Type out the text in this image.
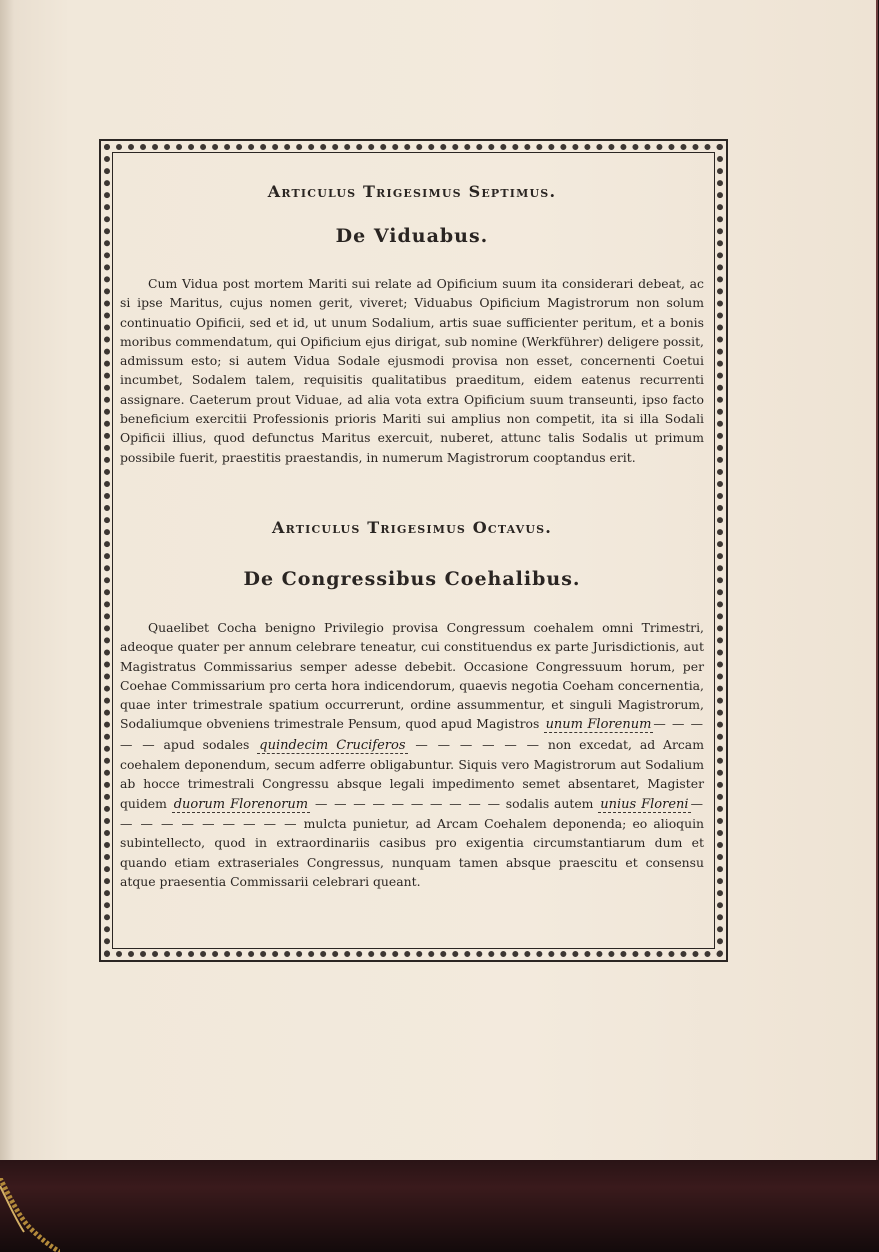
Articulus Trigesimus Septimus.
De Viduabus.

Cum Vidua post mortem Mariti sui relate ad Opificium suum ita considerari debeat, ac si ipse Maritus, cujus nomen gerit, viveret; Viduabus Opificium Magistrorum non solum continuatio Opificii, sed et id, ut unum Sodalium, artis suae sufficienter peritum, et a bonis moribus commendatum, qui Opificium ejus dirigat, sub nomine (Werkführer) deligere possit, admissum esto; si autem Vidua Sodale ejusmodi provisa non esset, concernenti Coetui incumbet, Sodalem talem, requisitis qualitatibus praeditum, eidem eatenus recurrenti assignare. Caeterum prout Viduae, ad alia vota extra Opificium suum transeunti, ipso facto beneficium exercitii Professionis prioris Mariti sui amplius non competit, ita si illa Sodali Opificii illius, quod defunctus Maritus exercuit, nuberet, attunc talis Sodalis ut primum possibile fuerit, praestitis praestandis, in numerum Magistrorum cooptandus erit.

Articulus Trigesimus Octavus.
De Congressibus Coehalibus.

Quaelibet Cocha benigno Privilegio provisa Congressum coehalem omni Trimestri, adeoque quater per annum celebrare teneatur, cui constituendus ex parte Jurisdictionis, aut Magistratus Commissarius semper adesse debebit. Occasione Congressuum horum, per Coehae Commissarium pro certa hora indicendorum, quaevis negotia Coeham concernentia, quae inter trimestrale spatium occurrerunt, ordine assummentur, et singuli Magistrorum, Sodaliumque obveniens trimestrale Pensum, quod apud Magistros unum Florenum — — — — — apud sodales quindecim Cruciferos — — — — — — non excedat, ad Arcam coehalem deponendum, secum adferre obligabuntur. Siquis vero Magistrorum aut Sodalium ab hocce trimestrali Congressu absque legali impedimento semet absentaret, Magister quidem duorum Florenorum — — — — — — — — — — sodalis autem unius Floreni — — — — — — — — — — mulcta punietur, ad Arcam Coehalem deponenda; eo alioquin subintellecto, quod in extraordinariis casibus pro exigentia circumstantiarum dum et quando etiam extraseriales Congressus, nunquam tamen absque praescitu et consensu atque praesentia Commissarii celebrari queant.
